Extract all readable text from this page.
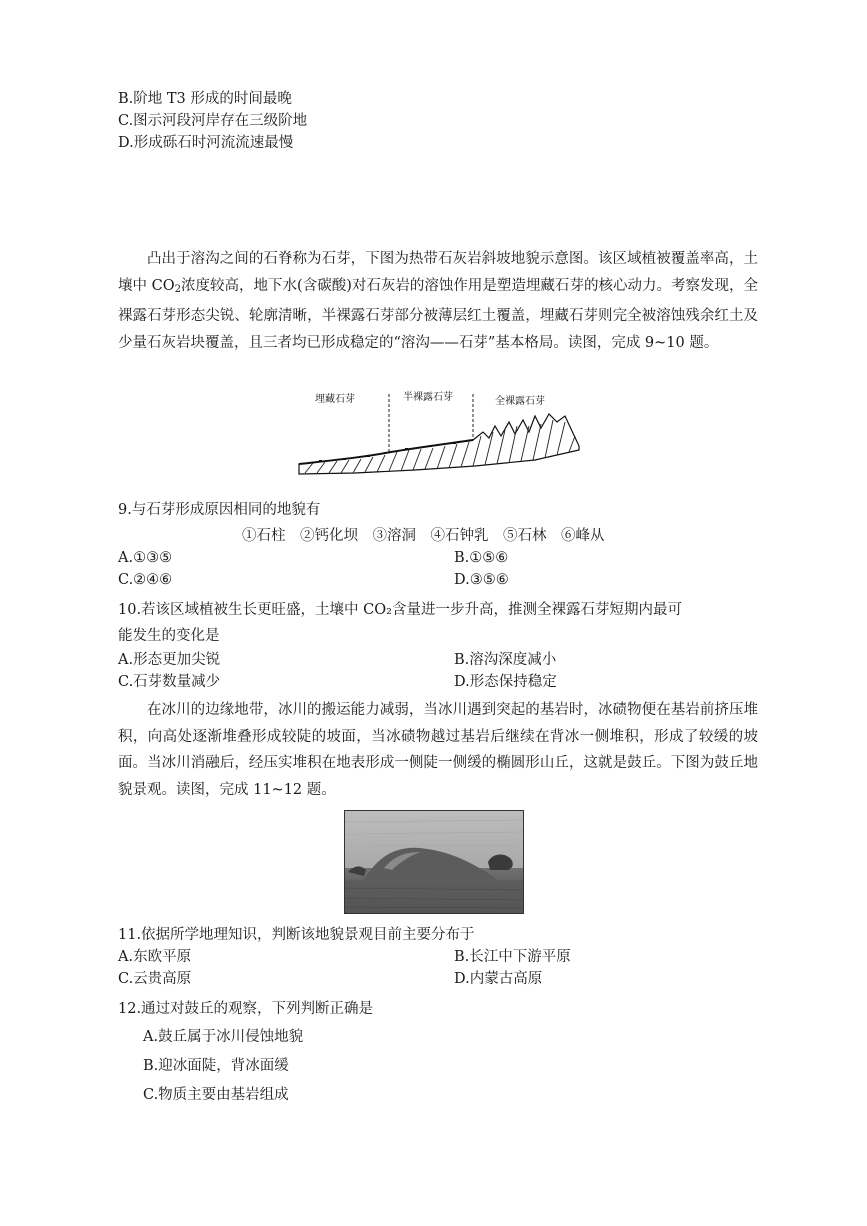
B.阶地 T3 形成的时间最晚
C.图示河段河岸存在三级阶地
D.形成砾石时河流流速最慢
凸出于溶沟之间的石脊称为石芽，下图为热带石灰岩斜坡地貌示意图。该区域植被覆盖率高，土壤中 $CO_2$浓度较高，地下水(含碳酸)对石灰岩的溶蚀作用是塑造埋藏石芽的核心动力。考察发现，全裸露石芽形态尖锐、轮廓清晰，半裸露石芽部分被薄层红土覆盖，埋藏石芽则完全被溶蚀残余红土及少量石灰岩块覆盖，且三者均已形成稳定的“溶沟——石芽”基本格局。读图，完成 9~10 题。
埋藏石芽	半裸露石芽	全裸露石芽
9.与石芽形成原因相同的地貌有
①石柱　②钙化坝　③溶洞　④石钟乳　⑤石林　⑥峰从
A.①③⑤	B.①⑤⑥
C.②④⑥	D.③⑤⑥
10.若该区域植被生长更旺盛，土壤中 CO₂含量进一步升高，推测全裸露石芽短期内最可
能发生的变化是
A.形态更加尖锐	B.溶沟深度减小
C.石芽数量减少	D.形态保持稳定
在冰川的边缘地带，冰川的搬运能力减弱，当冰川遇到突起的基岩时，冰碛物便在基岩前挤压堆积，向高处逐渐堆叠形成较陡的坡面，当冰碛物越过基岩后继续在背冰一侧堆积，形成了较缓的坡面。当冰川消融后，经压实堆积在地表形成一侧陡一侧缓的椭圆形山丘，这就是鼓丘。下图为鼓丘地貌景观。读图，完成 11~12 题。
11.依据所学地理知识，判断该地貌景观目前主要分布于
A.东欧平原	B.长江中下游平原
C.云贵高原	D.内蒙古高原
12.通过对鼓丘的观察，下列判断正确是
A.鼓丘属于冰川侵蚀地貌
B.迎冰面陡，背冰面缓
C.物质主要由基岩组成
